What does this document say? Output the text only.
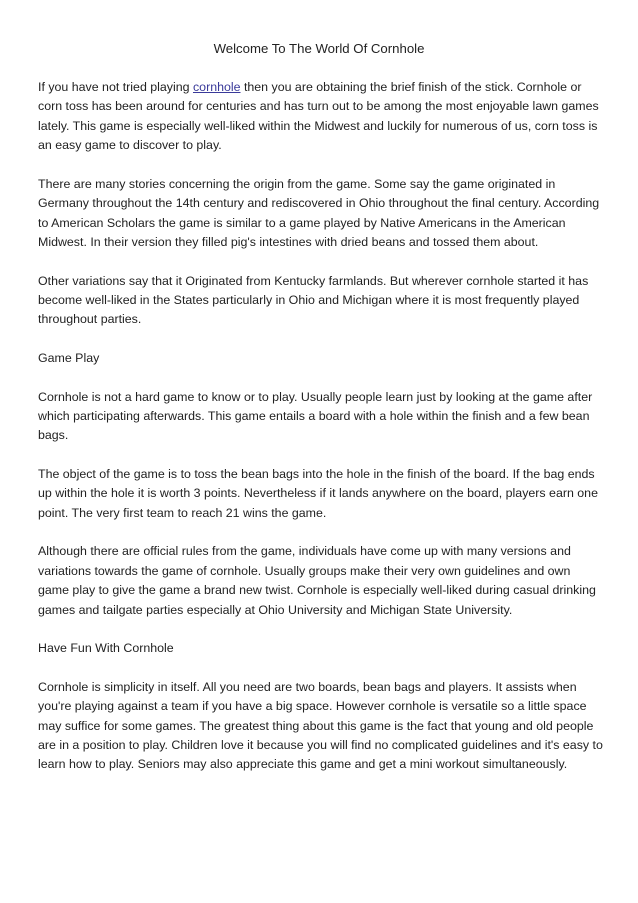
Welcome To The World Of Cornhole

If you have not tried playing cornhole then you are obtaining the brief finish of the stick. Cornhole or corn toss has been around for centuries and has turn out to be among the most enjoyable lawn games lately. This game is especially well-liked within the Midwest and luckily for numerous of us, corn toss is an easy game to discover to play.

There are many stories concerning the origin from the game. Some say the game originated in Germany throughout the 14th century and rediscovered in Ohio throughout the final century. According to American Scholars the game is similar to a game played by Native Americans in the American Midwest. In their version they filled pig's intestines with dried beans and tossed them about.

Other variations say that it Originated from Kentucky farmlands. But wherever cornhole started it has become well-liked in the States particularly in Ohio and Michigan where it is most frequently played throughout parties.

Game Play

Cornhole is not a hard game to know or to play. Usually people learn just by looking at the game after which participating afterwards. This game entails a board with a hole within the finish and a few bean bags.

The object of the game is to toss the bean bags into the hole in the finish of the board. If the bag ends up within the hole it is worth 3 points. Nevertheless if it lands anywhere on the board, players earn one point. The very first team to reach 21 wins the game.

Although there are official rules from the game, individuals have come up with many versions and variations towards the game of cornhole. Usually groups make their very own guidelines and own game play to give the game a brand new twist. Cornhole is especially well-liked during casual drinking games and tailgate parties especially at Ohio University and Michigan State University.

Have Fun With Cornhole

Cornhole is simplicity in itself. All you need are two boards, bean bags and players. It assists when you're playing against a team if you have a big space. However cornhole is versatile so a little space may suffice for some games. The greatest thing about this game is the fact that young and old people are in a position to play. Children love it because you will find no complicated guidelines and it's easy to learn how to play. Seniors may also appreciate this game and get a mini workout simultaneously.
